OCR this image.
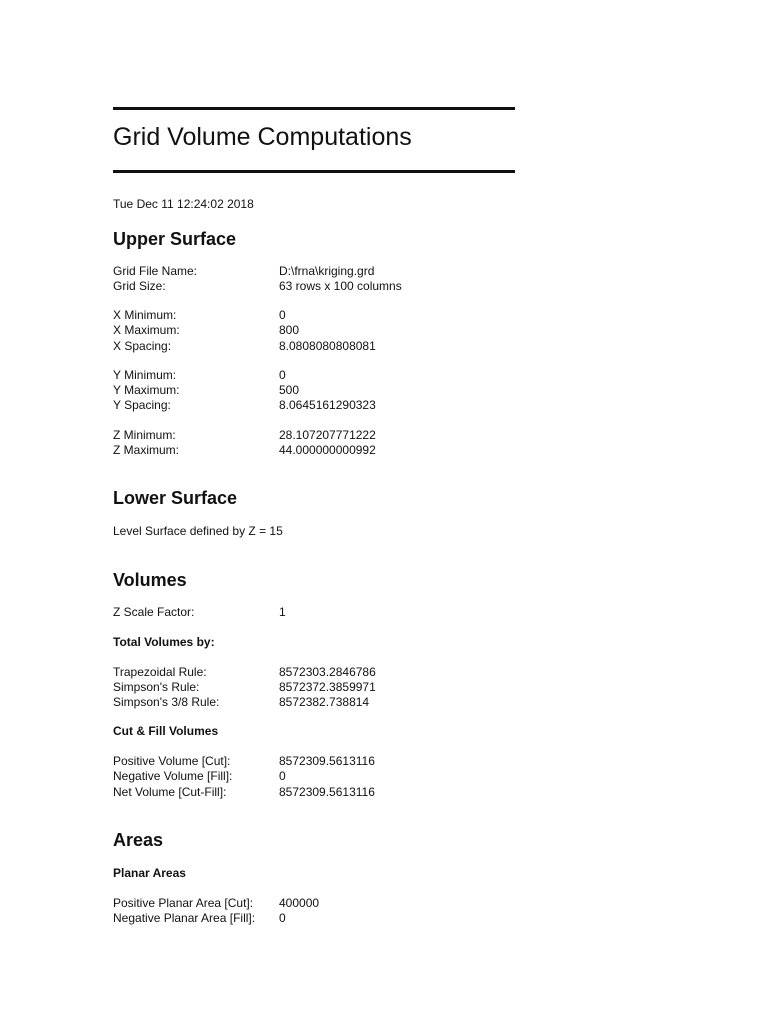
Grid Volume Computations
Tue Dec 11 12:24:02 2018
Upper Surface
Grid File Name:	D:\frna\kriging.grd
Grid Size:	63 rows x 100 columns
X Minimum:	0
X Maximum:	800
X Spacing:	8.0808080808081
Y Minimum:	0
Y Maximum:	500
Y Spacing:	8.0645161290323
Z Minimum:	28.107207771222
Z Maximum:	44.000000000992
Lower Surface
Level Surface defined by Z = 15
Volumes
Z Scale Factor:	1
Total Volumes by:
Trapezoidal Rule:	8572303.2846786
Simpson's Rule:	8572372.3859971
Simpson's 3/8 Rule:	8572382.738814
Cut & Fill Volumes
Positive Volume [Cut]:	8572309.5613116
Negative Volume [Fill]:	0
Net Volume [Cut-Fill]:	8572309.5613116
Areas
Planar Areas
Positive Planar Area [Cut]: 400000
Negative Planar Area [Fill]: 0
